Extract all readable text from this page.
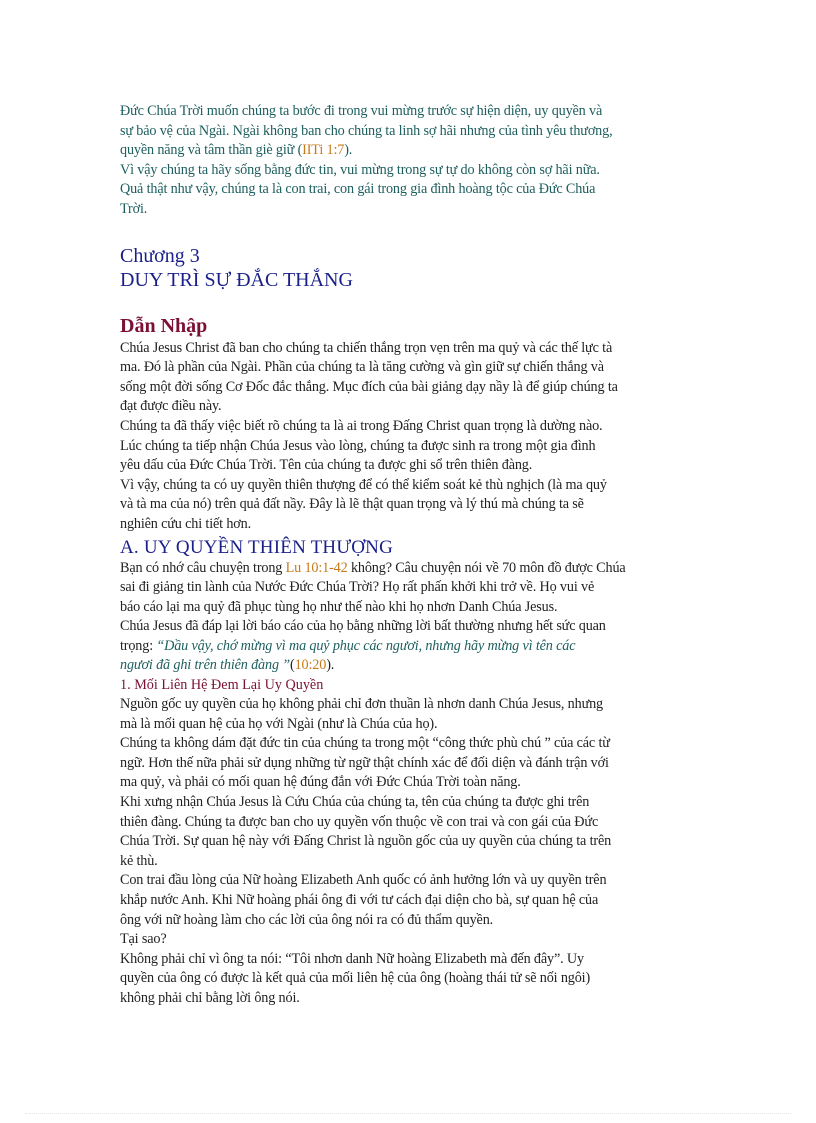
Đức Chúa Trời muốn chúng ta bước đi trong vui mừng trước sự hiện diện, uy quyền và

sự bảo vệ của Ngài. Ngài không ban cho chúng ta linh sợ hãi nhưng của tình yêu thương,

quyền năng và tâm thần giè giữ (IITi 1:7).

Vì vậy chúng ta hãy sống bằng đức tin, vui mừng trong sự tự do không còn sợ hãi nữa.

Quả thật như vậy, chúng ta là con trai, con gái trong gia đình hoàng tộc của Đức Chúa

Trời.

Chương 3

DUY TRÌ SỰ ĐẮC THẮNG

Dẫn Nhập

Chúa Jesus Christ đã ban cho chúng ta chiến thắng trọn vẹn trên ma quỷ và các thế lực tà

ma. Đó là phần của Ngài. Phần của chúng ta là tăng cường và gìn giữ sự chiến thắng và

sống một đời sống Cơ Đốc đắc thắng. Mục đích của bài giảng dạy nầy là để giúp chúng ta

đạt được điều này.

Chúng ta đã thấy việc biết rõ chúng ta là ai trong Đấng Christ quan trọng là dường nào.

Lúc chúng ta tiếp nhận Chúa Jesus vào lòng, chúng ta được sinh ra trong một gia đình

yêu dấu của Đức Chúa Trời. Tên của chúng ta được ghi sổ trên thiên đàng.

Vì vậy, chúng ta có uy quyền thiên thượng để có thể kiểm soát kẻ thù nghịch (là ma quỷ

và tà ma của nó) trên quả đất nầy. Đây là lẽ thật quan trọng và lý thú mà chúng ta sẽ

nghiên cứu chi tiết hơn.

A. UY QUYỀN THIÊN THƯỢNG

Bạn có nhớ câu chuyện trong Lu 10:1-42 không? Câu chuyện nói về 70 môn đồ được Chúa

sai đi giảng tin lành của Nước Đức Chúa Trời? Họ rất phấn khởi khi trở về. Họ vui vẻ

báo cáo lại ma quỷ đã phục tùng họ như thế nào khi họ nhơn Danh Chúa Jesus.

Chúa Jesus đã đáp lại lời báo cáo của họ bằng những lời bất thường nhưng hết sức quan

trọng: “Dầu vậy, chớ mừng vì ma quỷ phục các ngươi, nhưng hãy mừng vì tên các

ngươi đã ghi trên thiên đàng ”(10:20).

1. Mối Liên Hệ Đem Lại Uy Quyền

Nguồn gốc uy quyền của họ không phải chỉ đơn thuần là nhơn danh Chúa Jesus, nhưng

mà là mối quan hệ của họ với Ngài (như là Chúa của họ).

Chúng ta không dám đặt đức tin của chúng ta trong một “công thức phù chú ” của các từ

ngữ. Hơn thế nữa phải sử dụng những từ ngữ thật chính xác để đối diện và đánh trận với

ma quỷ, và phải có mối quan hệ đúng đắn với Đức Chúa Trời toàn năng.

Khi xưng nhận Chúa Jesus là Cứu Chúa của chúng ta, tên của chúng ta được ghi trên

thiên đàng. Chúng ta được ban cho uy quyền vốn thuộc về con trai và con gái của Đức

Chúa Trời. Sự quan hệ này với Đấng Christ là nguồn gốc của uy quyền của chúng ta trên

kẻ thù.

Con trai đầu lòng của Nữ hoàng Elizabeth Anh quốc có ảnh hưởng lớn và uy quyền trên

khắp nước Anh. Khi Nữ hoàng phái ông đi với tư cách đại diện cho bà, sự quan hệ của

ông với nữ hoàng làm cho các lời của ông nói ra có đủ thẩm quyền.

Tại sao?

Không phải chỉ vì ông ta nói: “Tôi nhơn danh Nữ hoàng Elizabeth mà đến đây”. Uy

quyền của ông có được là kết quả của mối liên hệ của ông (hoàng thái tử sẽ nối ngôi)

không phải chỉ bằng lời ông nói.
